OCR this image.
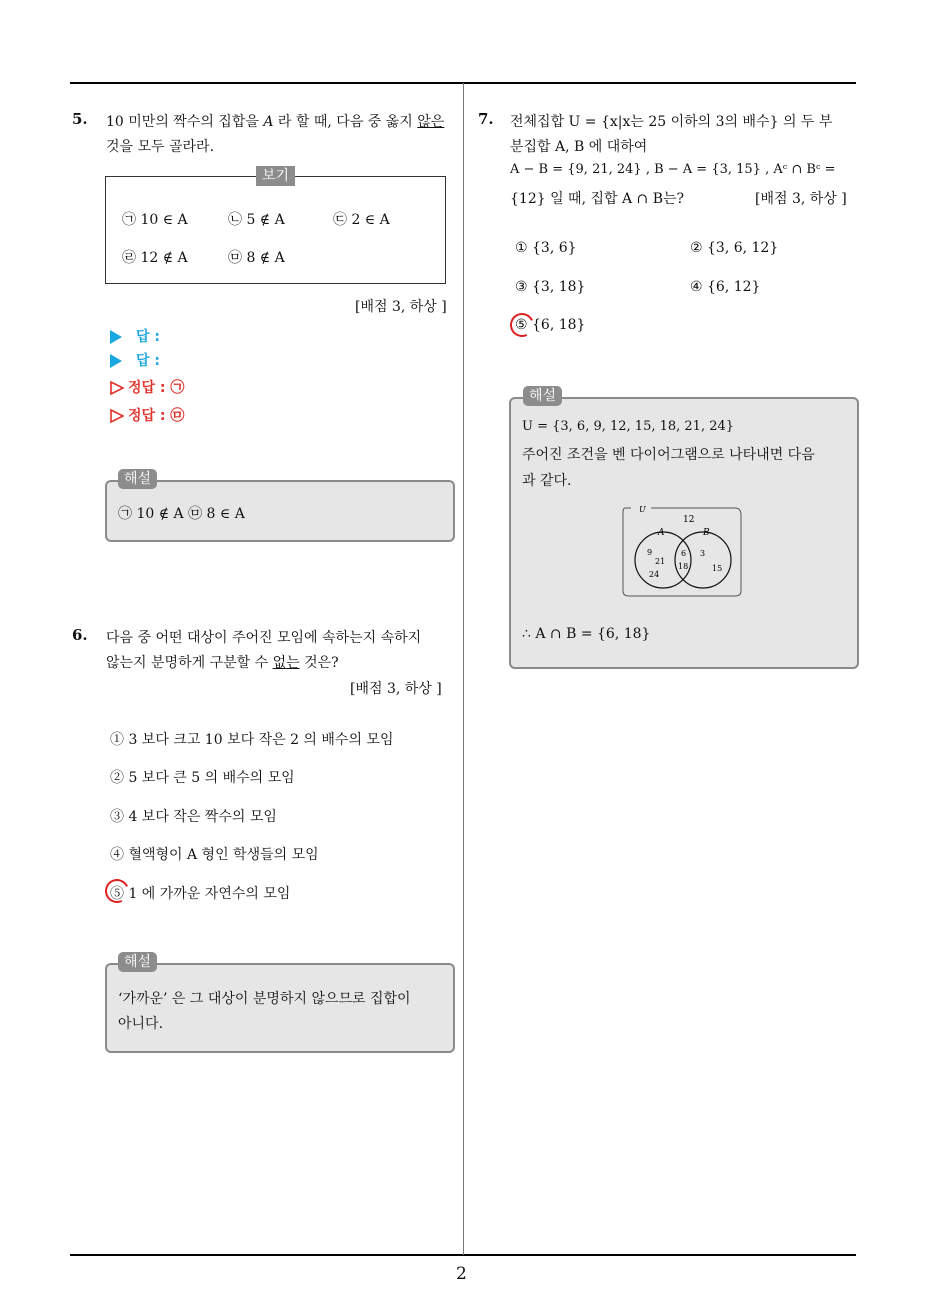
2
5. 10 미만의 짝수의 집합을 A 라 할 때, 다음 중 옳지 않은
것을 모두 골라라.
보기
㉠ 10 ∈ A	㉡ 5 ∉ A	㉢ 2 ∈ A
㉣ 12 ∉ A	㉤ 8 ∉ A
[배점 3, 하상 ]
답 :
답 :
정답 : ㉠
정답 : ㉤
해설
㉠ 10 ∉ A ㉤ 8 ∈ A
6. 다음 중 어떤 대상이 주어진 모임에 속하는지 속하지
않는지 분명하게 구분할 수 없는 것은?
[배점 3, 하상 ]
① 3 보다 크고 10 보다 작은 2 의 배수의 모임
② 5 보다 큰 5 의 배수의 모임
③ 4 보다 작은 짝수의 모임
④ 혈액형이 A 형인 학생들의 모임
⑤ 1 에 가까운 자연수의 모임
해설
‘가까운’ 은 그 대상이 분명하지 않으므로 집합이
아니다.
7. 전체집합 U = {x|x는 25 이하의 3의 배수} 의 두 부
분집합 A, B 에 대하여
A − B = {9, 21, 24} , B − A = {3, 15} , Aᶜ ∩ Bᶜ =
{12} 일 때, 집합 A ∩ B는?	[배점 3, 하상 ]
① {3, 6}	② {3, 6, 12}
③ {3, 18}	④ {6, 12}
⑤ {6, 18}
해설
U = {3, 6, 9, 12, 15, 18, 21, 24}
주어진 조건을 벤 다이어그램으로 나타내면 다음
과 같다.
U
A	B
12
9
21
24
6
18
3
15
∴ A ∩ B = {6, 18}
